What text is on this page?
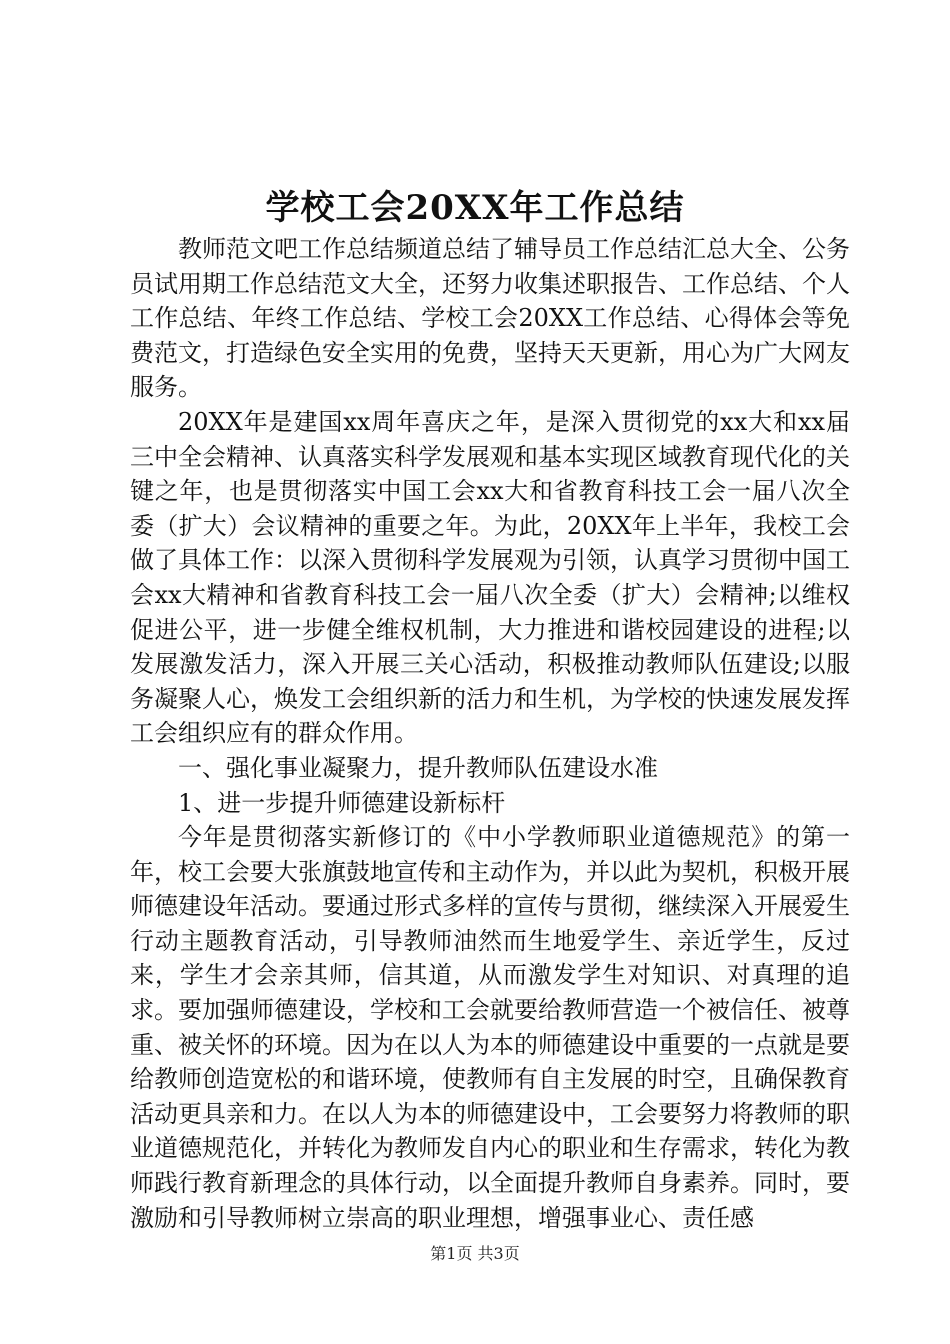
学校工会20XX年工作总结

教师范文吧工作总结频道总结了辅导员工作总结汇总大全、公务员试用期工作总结范文大全，还努力收集述职报告、工作总结、个人工作总结、年终工作总结、学校工会20XX工作总结、心得体会等免费范文，打造绿色安全实用的免费，坚持天天更新，用心为广大网友服务。

20XX年是建国xx周年喜庆之年，是深入贯彻党的xx大和xx届三中全会精神、认真落实科学发展观和基本实现区域教育现代化的关键之年，也是贯彻落实中国工会xx大和省教育科技工会一届八次全委（扩大）会议精神的重要之年。为此，20XX年上半年，我校工会做了具体工作：以深入贯彻科学发展观为引领，认真学习贯彻中国工会xx大精神和省教育科技工会一届八次全委（扩大）会精神;以维权促进公平，进一步健全维权机制，大力推进和谐校园建设的进程;以发展激发活力，深入开展三关心活动，积极推动教师队伍建设;以服务凝聚人心，焕发工会组织新的活力和生机，为学校的快速发展发挥工会组织应有的群众作用。

一、强化事业凝聚力，提升教师队伍建设水准

1、进一步提升师德建设新标杆

今年是贯彻落实新修订的《中小学教师职业道德规范》的第一年，校工会要大张旗鼓地宣传和主动作为，并以此为契机，积极开展师德建设年活动。要通过形式多样的宣传与贯彻，继续深入开展爱生行动主题教育活动，引导教师油然而生地爱学生、亲近学生，反过来，学生才会亲其师，信其道，从而激发学生对知识、对真理的追求。要加强师德建设，学校和工会就要给教师营造一个被信任、被尊重、被关怀的环境。因为在以人为本的师德建设中重要的一点就是要给教师创造宽松的和谐环境，使教师有自主发展的时空，且确保教育活动更具亲和力。在以人为本的师德建设中，工会要努力将教师的职业道德规范化，并转化为教师发自内心的职业和生存需求，转化为教师践行教育新理念的具体行动，以全面提升教师自身素养。同时，要激励和引导教师树立崇高的职业理想，增强事业心、责任感

第1页 共3页
